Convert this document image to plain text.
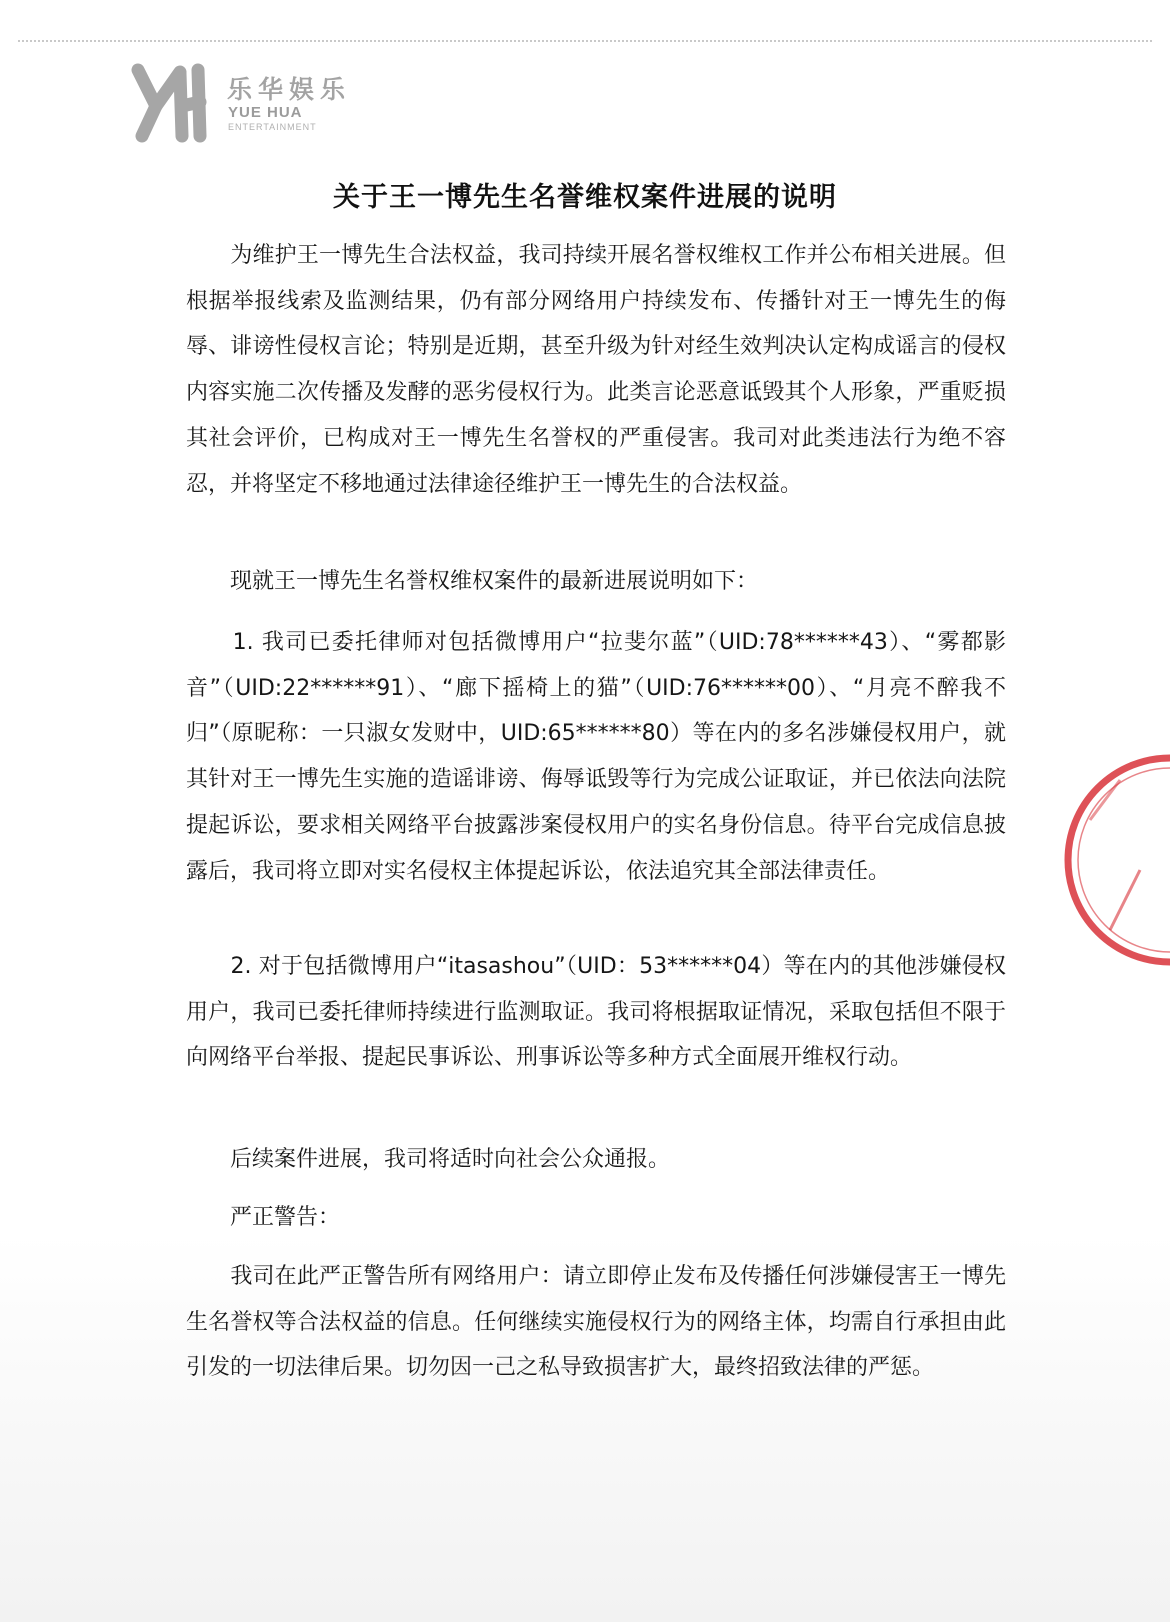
乐华娱乐
YUE HUA
ENTERTAINMENT
关于王一博先生名誉维权案件进展的说明

　　为维护王一博先生合法权益，我司持续开展名誉权维权工作并公布相关进展。但根据举报线索及监测结果，仍有部分网络用户持续发布、传播针对王一博先生的侮辱、诽谤性侵权言论；特别是近期，甚至升级为针对经生效判决认定构成谣言的侵权内容实施二次传播及发酵的恶劣侵权行为。此类言论恶意诋毁其个人形象，严重贬损其社会评价，已构成对王一博先生名誉权的严重侵害。我司对此类违法行为绝不容忍，并将坚定不移地通过法律途径维护王一博先生的合法权益。

　　现就王一博先生名誉权维权案件的最新进展说明如下：

　　1. 我司已委托律师对包括微博用户“拉斐尔蓝”（UID:78******43）、“雾都影音”（UID:22******91）、“廊下摇椅上的猫”（UID:76******00）、“月亮不醉我不归”（原昵称：一只淑女发财中，UID:65******80）等在内的多名涉嫌侵权用户，就其针对王一博先生实施的造谣诽谤、侮辱诋毁等行为完成公证取证，并已依法向法院提起诉讼，要求相关网络平台披露涉案侵权用户的实名身份信息。待平台完成信息披露后，我司将立即对实名侵权主体提起诉讼，依法追究其全部法律责任。

　　2. 对于包括微博用户“itasashou”（UID：53******04）等在内的其他涉嫌侵权用户，我司已委托律师持续进行监测取证。我司将根据取证情况，采取包括但不限于向网络平台举报、提起民事诉讼、刑事诉讼等多种方式全面展开维权行动。

　　后续案件进展，我司将适时向社会公众通报。

　　严正警告：

　　我司在此严正警告所有网络用户：请立即停止发布及传播任何涉嫌侵害王一博先生名誉权等合法权益的信息。任何继续实施侵权行为的网络主体，均需自行承担由此引发的一切法律后果。切勿因一己之私导致损害扩大，最终招致法律的严惩。
